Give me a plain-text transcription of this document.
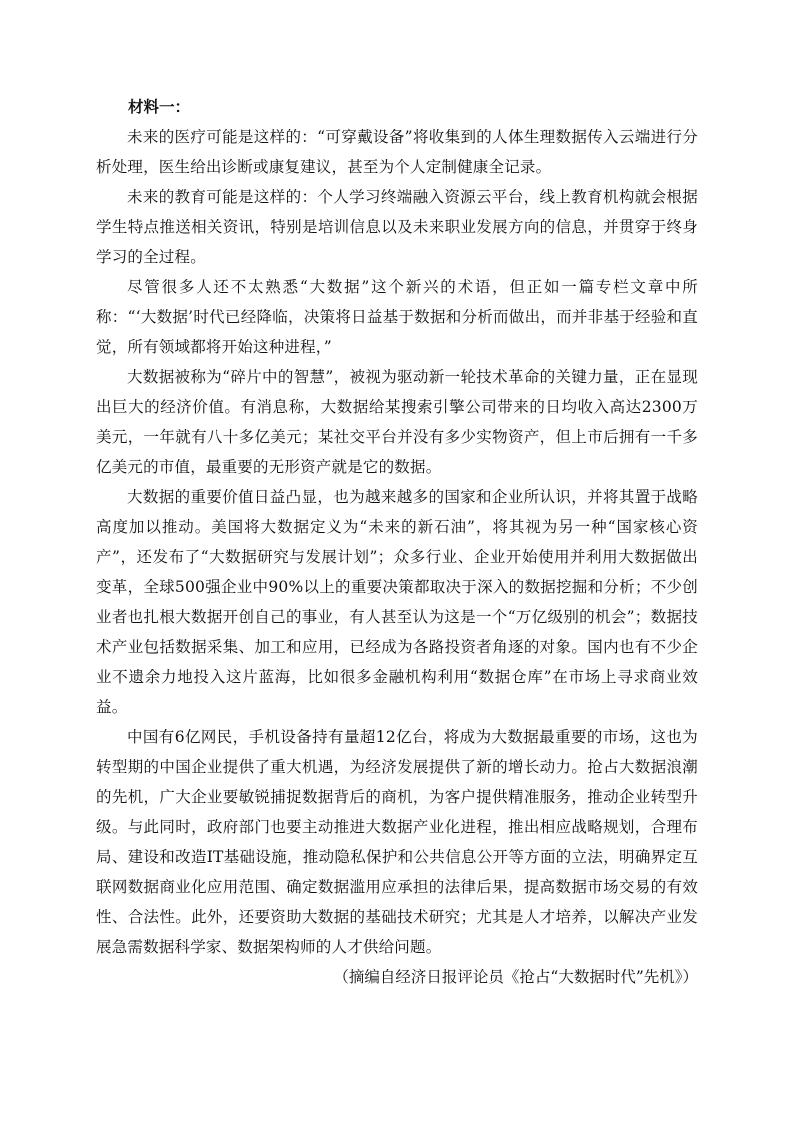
材料一：

未来的医疗可能是这样的：“可穿戴设备”将收集到的人体生理数据传入云端进行分析处理，医生给出诊断或康复建议，甚至为个人定制健康全记录。

未来的教育可能是这样的：个人学习终端融入资源云平台，线上教育机构就会根据学生特点推送相关资讯，特别是培训信息以及未来职业发展方向的信息，并贯穿于终身学习的全过程。

尽管很多人还不太熟悉“大数据”这个新兴的术语，但正如一篇专栏文章中所称：“‘大数据’时代已经降临，决策将日益基于数据和分析而做出，而并非基于经验和直觉，所有领域都将开始这种进程，”

大数据被称为“碎片中的智慧”，被视为驱动新一轮技术革命的关键力量，正在显现出巨大的经济价值。有消息称，大数据给某搜索引擎公司带来的日均收入高达2300万美元，一年就有八十多亿美元；某社交平台并没有多少实物资产，但上市后拥有一千多亿美元的市值，最重要的无形资产就是它的数据。

大数据的重要价值日益凸显，也为越来越多的国家和企业所认识，并将其置于战略高度加以推动。美国将大数据定义为“未来的新石油”，将其视为另一种“国家核心资产”，还发布了“大数据研究与发展计划”；众多行业、企业开始使用并利用大数据做出变革，全球500强企业中90%以上的重要决策都取决于深入的数据挖掘和分析；不少创业者也扎根大数据开创自己的事业，有人甚至认为这是一个“万亿级别的机会”；数据技术产业包括数据采集、加工和应用，已经成为各路投资者角逐的对象。国内也有不少企业不遗余力地投入这片蓝海，比如很多金融机构利用“数据仓库”在市场上寻求商业效益。

中国有6亿网民，手机设备持有量超12亿台，将成为大数据最重要的市场，这也为转型期的中国企业提供了重大机遇，为经济发展提供了新的增长动力。抢占大数据浪潮的先机，广大企业要敏锐捕捉数据背后的商机，为客户提供精准服务，推动企业转型升级。与此同时，政府部门也要主动推进大数据产业化进程，推出相应战略规划，合理布局、建设和改造IT基础设施，推动隐私保护和公共信息公开等方面的立法，明确界定互联网数据商业化应用范围、确定数据滥用应承担的法律后果，提高数据市场交易的有效性、合法性。此外，还要资助大数据的基础技术研究；尤其是人才培养，以解决产业发展急需数据科学家、数据架构师的人才供给问题。

（摘编自经济日报评论员《抢占“大数据时代”先机》）
